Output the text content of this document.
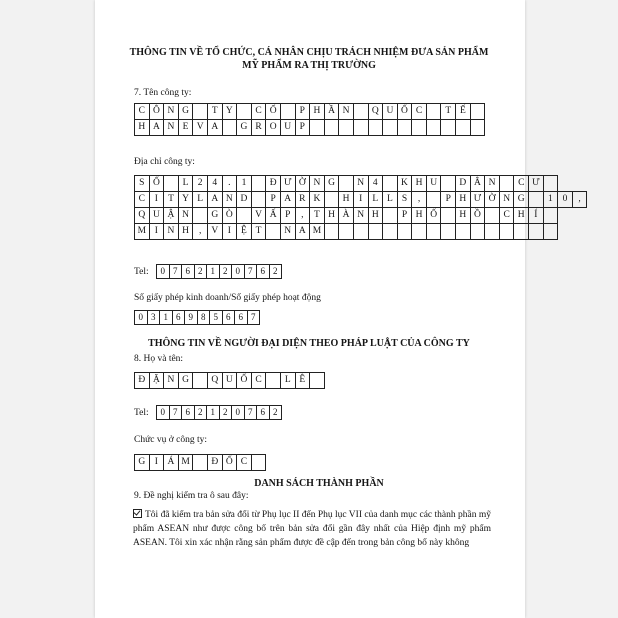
THÔNG TIN VỀ TỔ CHỨC, CÁ NHÂN CHỊU TRÁCH NHIỆM ĐƯA SẢN PHẨM
MỸ PHẨM RA THỊ TRƯỜNG
7. Tên công ty:
C Ô N G	T Y	C Ổ	P H Ầ N	Q U Ố C	T Ế
H A N E V A	G R O U P
Địa chỉ công ty:
S Ố	L 2	4	.	1	Đ Ư Ờ N G	N 4	K H U	D Â N	C Ư
C	I	T Y L A N D	P A R K	H	I	L L S	,	P H Ư Ờ N G	1	0	,
Q U Ậ N	G Ò	V Ấ P	,	T H À N H	P H Ố	H Ồ	C H	Í
M I	N H	,	V	I	Ệ T	N A M
Tel:	0 7 6 2 1 2 0 7 6 2
Số giấy phép kinh doanh/Số giấy phép hoạt động
0 3 1 6 9 8 5 6 6 7
THÔNG TIN VỀ NGƯỜI ĐẠI DIỆN THEO PHÁP LUẬT CỦA CÔNG TY
8. Họ và tên:
Đ Ặ N G	Q U Ố C	L Ê
Tel:	0 7 6 2 1 2 0 7 6 2
Chức vụ ở công ty:
G	I	Á M	Đ Ố C
DANH SÁCH THÀNH PHẦN
9. Đề nghị kiểm tra ô sau đây:
Tôi đã kiểm tra bản sửa đổi từ Phụ lục II đến Phụ lục VII của danh mục các thành phần mỹ phẩm ASEAN như được công bố trên bản sửa đổi gần đây nhất của Hiệp định mỹ phẩm ASEAN. Tôi xin xác nhận rằng sản phẩm được đề cập đến trong bản công bố này không
